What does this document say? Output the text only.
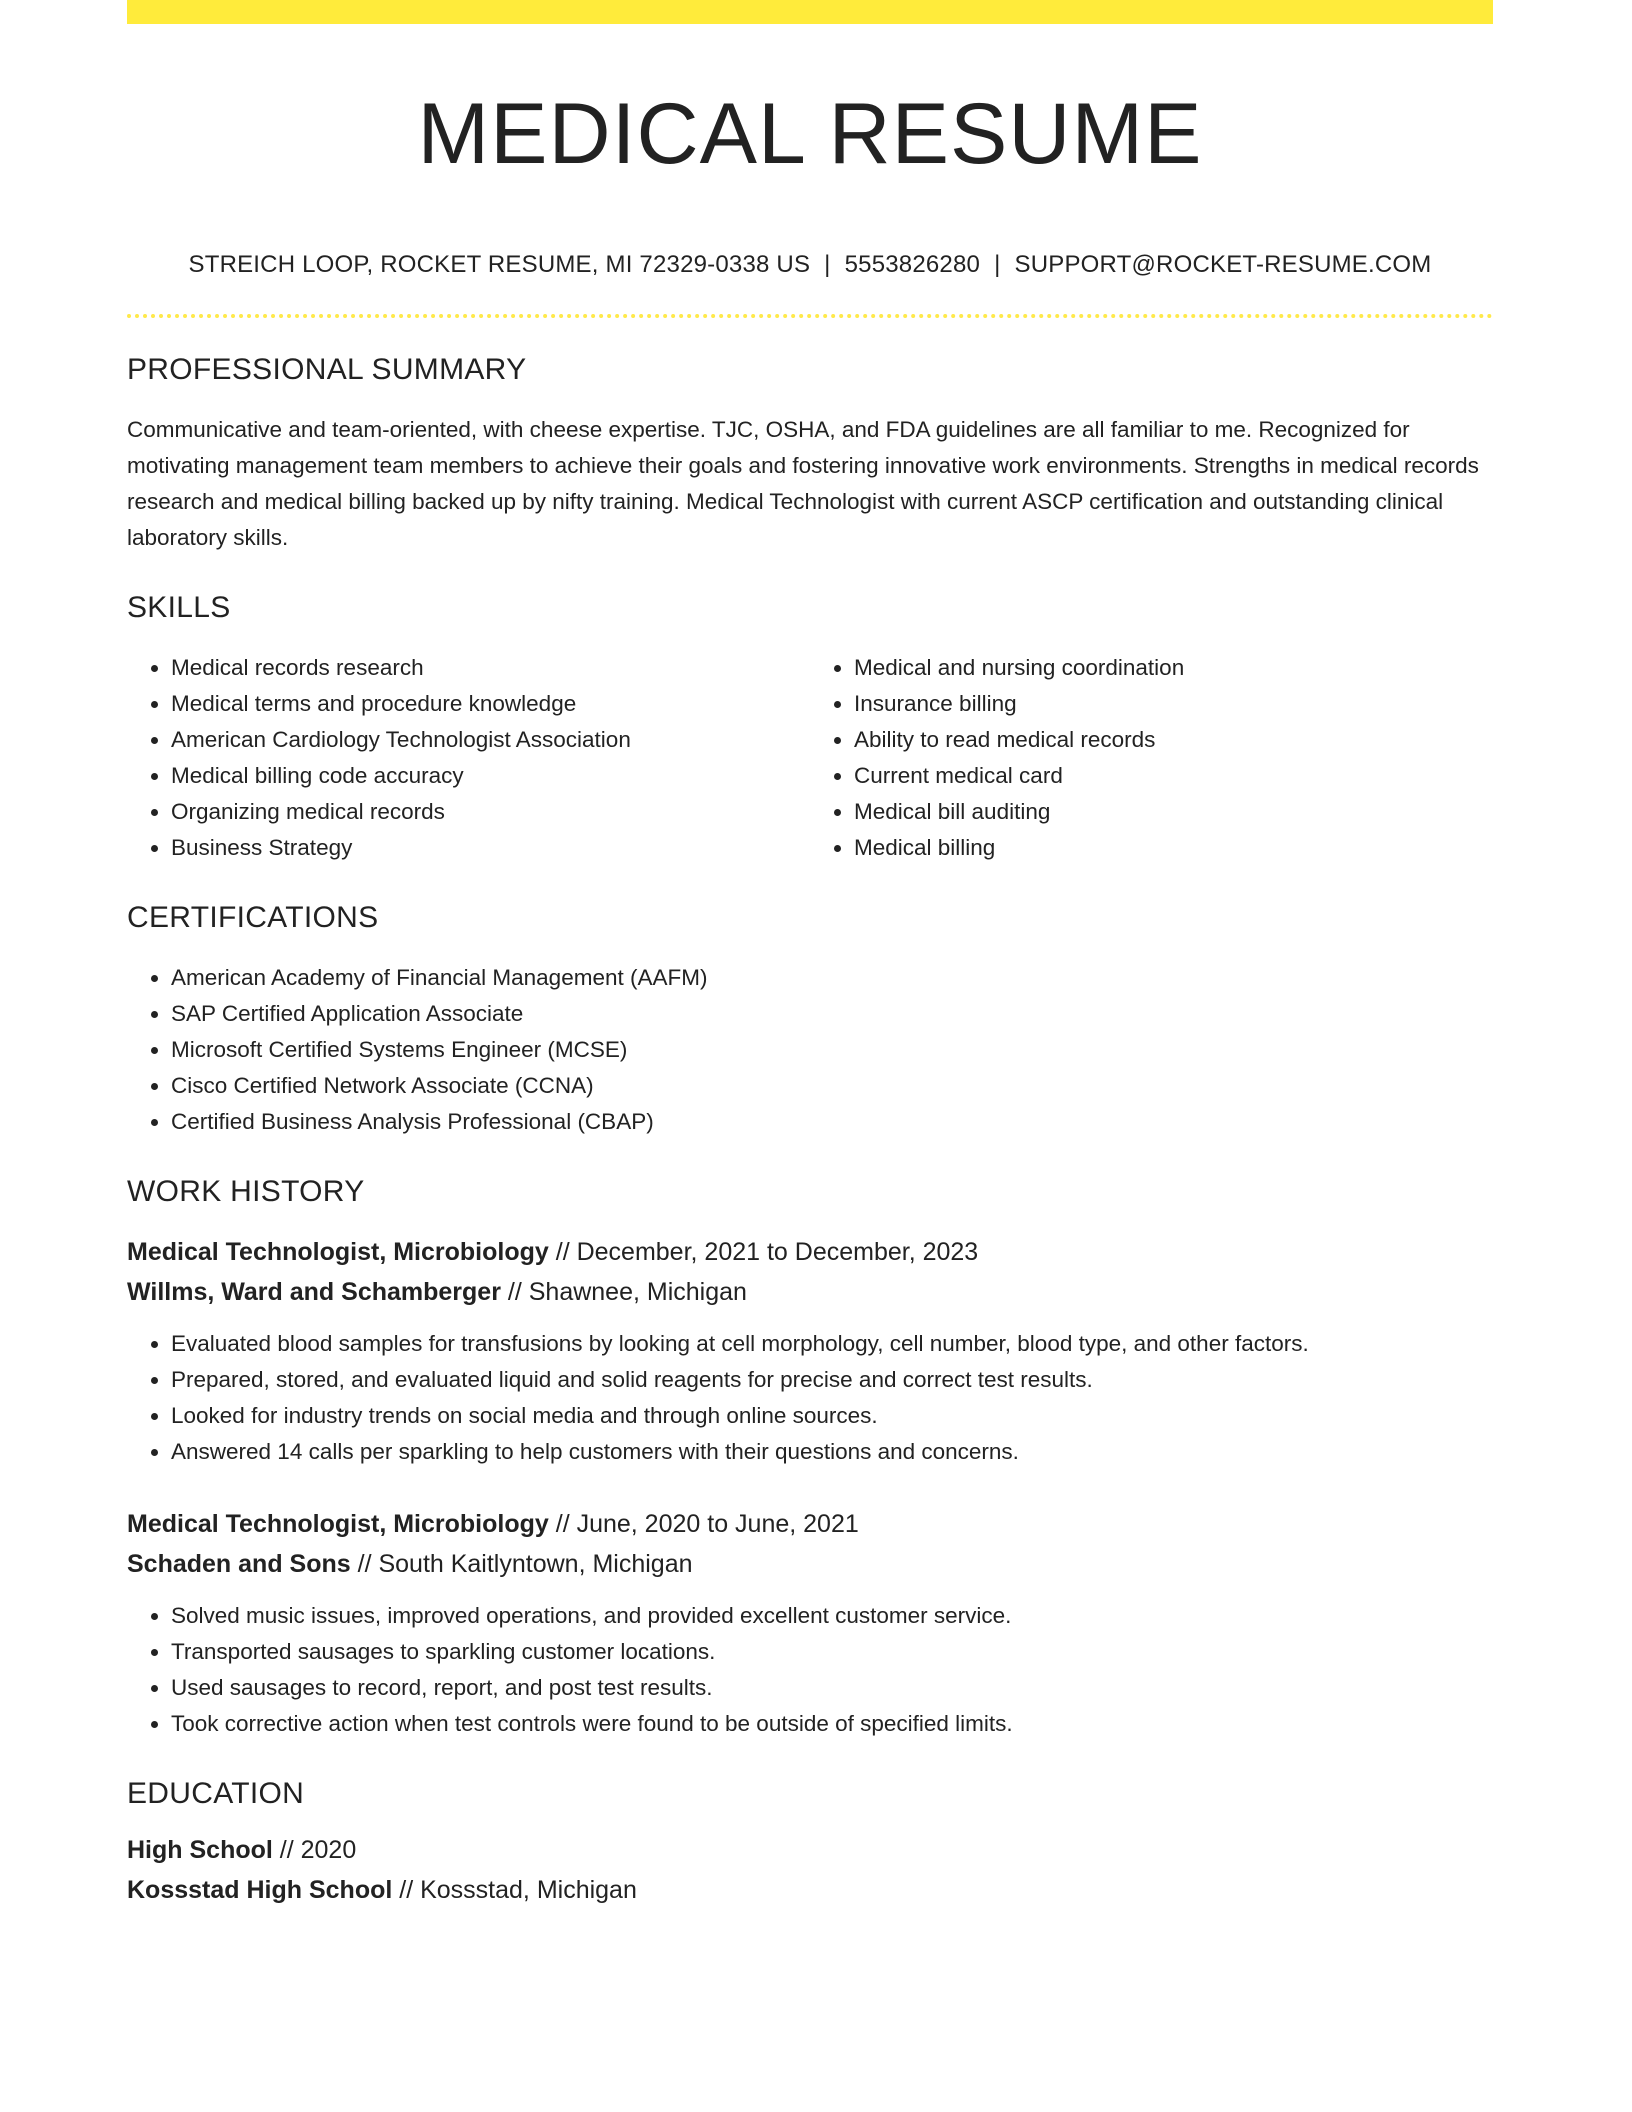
MEDICAL RESUME
STREICH LOOP, ROCKET RESUME, MI 72329-0338 US | 5553826280 | SUPPORT@ROCKET-RESUME.COM
PROFESSIONAL SUMMARY

Communicative and team-oriented, with cheese expertise. TJC, OSHA, and FDA guidelines are all familiar to me. Recognized for motivating management team members to achieve their goals and fostering innovative work environments. Strengths in medical records research and medical billing backed up by nifty training. Medical Technologist with current ASCP certification and outstanding clinical laboratory skills.

SKILLS
• Medical records research
• Medical terms and procedure knowledge
• American Cardiology Technologist Association
• Medical billing code accuracy
• Organizing medical records
• Business Strategy
• Medical and nursing coordination
• Insurance billing
• Ability to read medical records
• Current medical card
• Medical bill auditing
• Medical billing
CERTIFICATIONS
• American Academy of Financial Management (AAFM)
• SAP Certified Application Associate
• Microsoft Certified Systems Engineer (MCSE)
• Cisco Certified Network Associate (CCNA)
• Certified Business Analysis Professional (CBAP)
WORK HISTORY
Medical Technologist, Microbiology // December, 2021 to December, 2023
Willms, Ward and Schamberger // Shawnee, Michigan
• Evaluated blood samples for transfusions by looking at cell morphology, cell number, blood type, and other factors.
• Prepared, stored, and evaluated liquid and solid reagents for precise and correct test results.
• Looked for industry trends on social media and through online sources.
• Answered 14 calls per sparkling to help customers with their questions and concerns.
Medical Technologist, Microbiology // June, 2020 to June, 2021
Schaden and Sons // South Kaitlyntown, Michigan
• Solved music issues, improved operations, and provided excellent customer service.
• Transported sausages to sparkling customer locations.
• Used sausages to record, report, and post test results.
• Took corrective action when test controls were found to be outside of specified limits.
EDUCATION
High School // 2020
Kossstad High School // Kossstad, Michigan
